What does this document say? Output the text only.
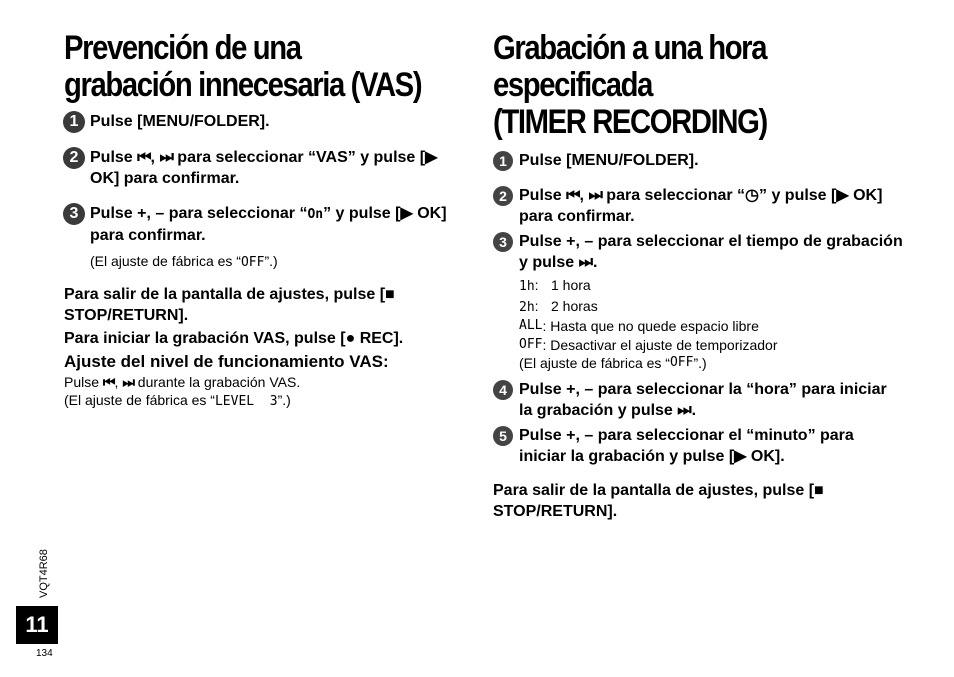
Prevención de una
grabación innecesaria (VAS)
1 Pulse [MENU/FOLDER].
2 Pulse ⏮, ⏭ para seleccionar “VAS” y pulse [▶ OK] para confirmar.
3 Pulse +, – para seleccionar “On” y pulse [▶ OK] para confirmar.
(El ajuste de fábrica es “OFF”.)
Para salir de la pantalla de ajustes, pulse [■ STOP/RETURN].
Para iniciar la grabación VAS, pulse [● REC].
Ajuste del nivel de funcionamiento VAS:
Pulse ⏮, ⏭ durante la grabación VAS.
(El ajuste de fábrica es “LEVEL  3”.)
Grabación a una hora especificada
(TIMER RECORDING)
1 Pulse [MENU/FOLDER].
2 Pulse ⏮, ⏭ para seleccionar “◷” y pulse [▶ OK] para confirmar.
3 Pulse +, – para seleccionar el tiempo de grabación y pulse ⏭.
1h: 1 hora
2h: 2 horas
ALL :
Hasta que no quede espacio libre
OFF :
Desactivar el ajuste de temporizador
(El ajuste de fábrica es “ OFF ”.)
4 Pulse +, – para seleccionar la “hora” para iniciar la grabación y pulse ⏭.
5 Pulse +, – para seleccionar el “minuto” para iniciar la grabación y pulse [▶ OK].
Para salir de la pantalla de ajustes, pulse [■ STOP/RETURN].
VQT4R68
11
134
